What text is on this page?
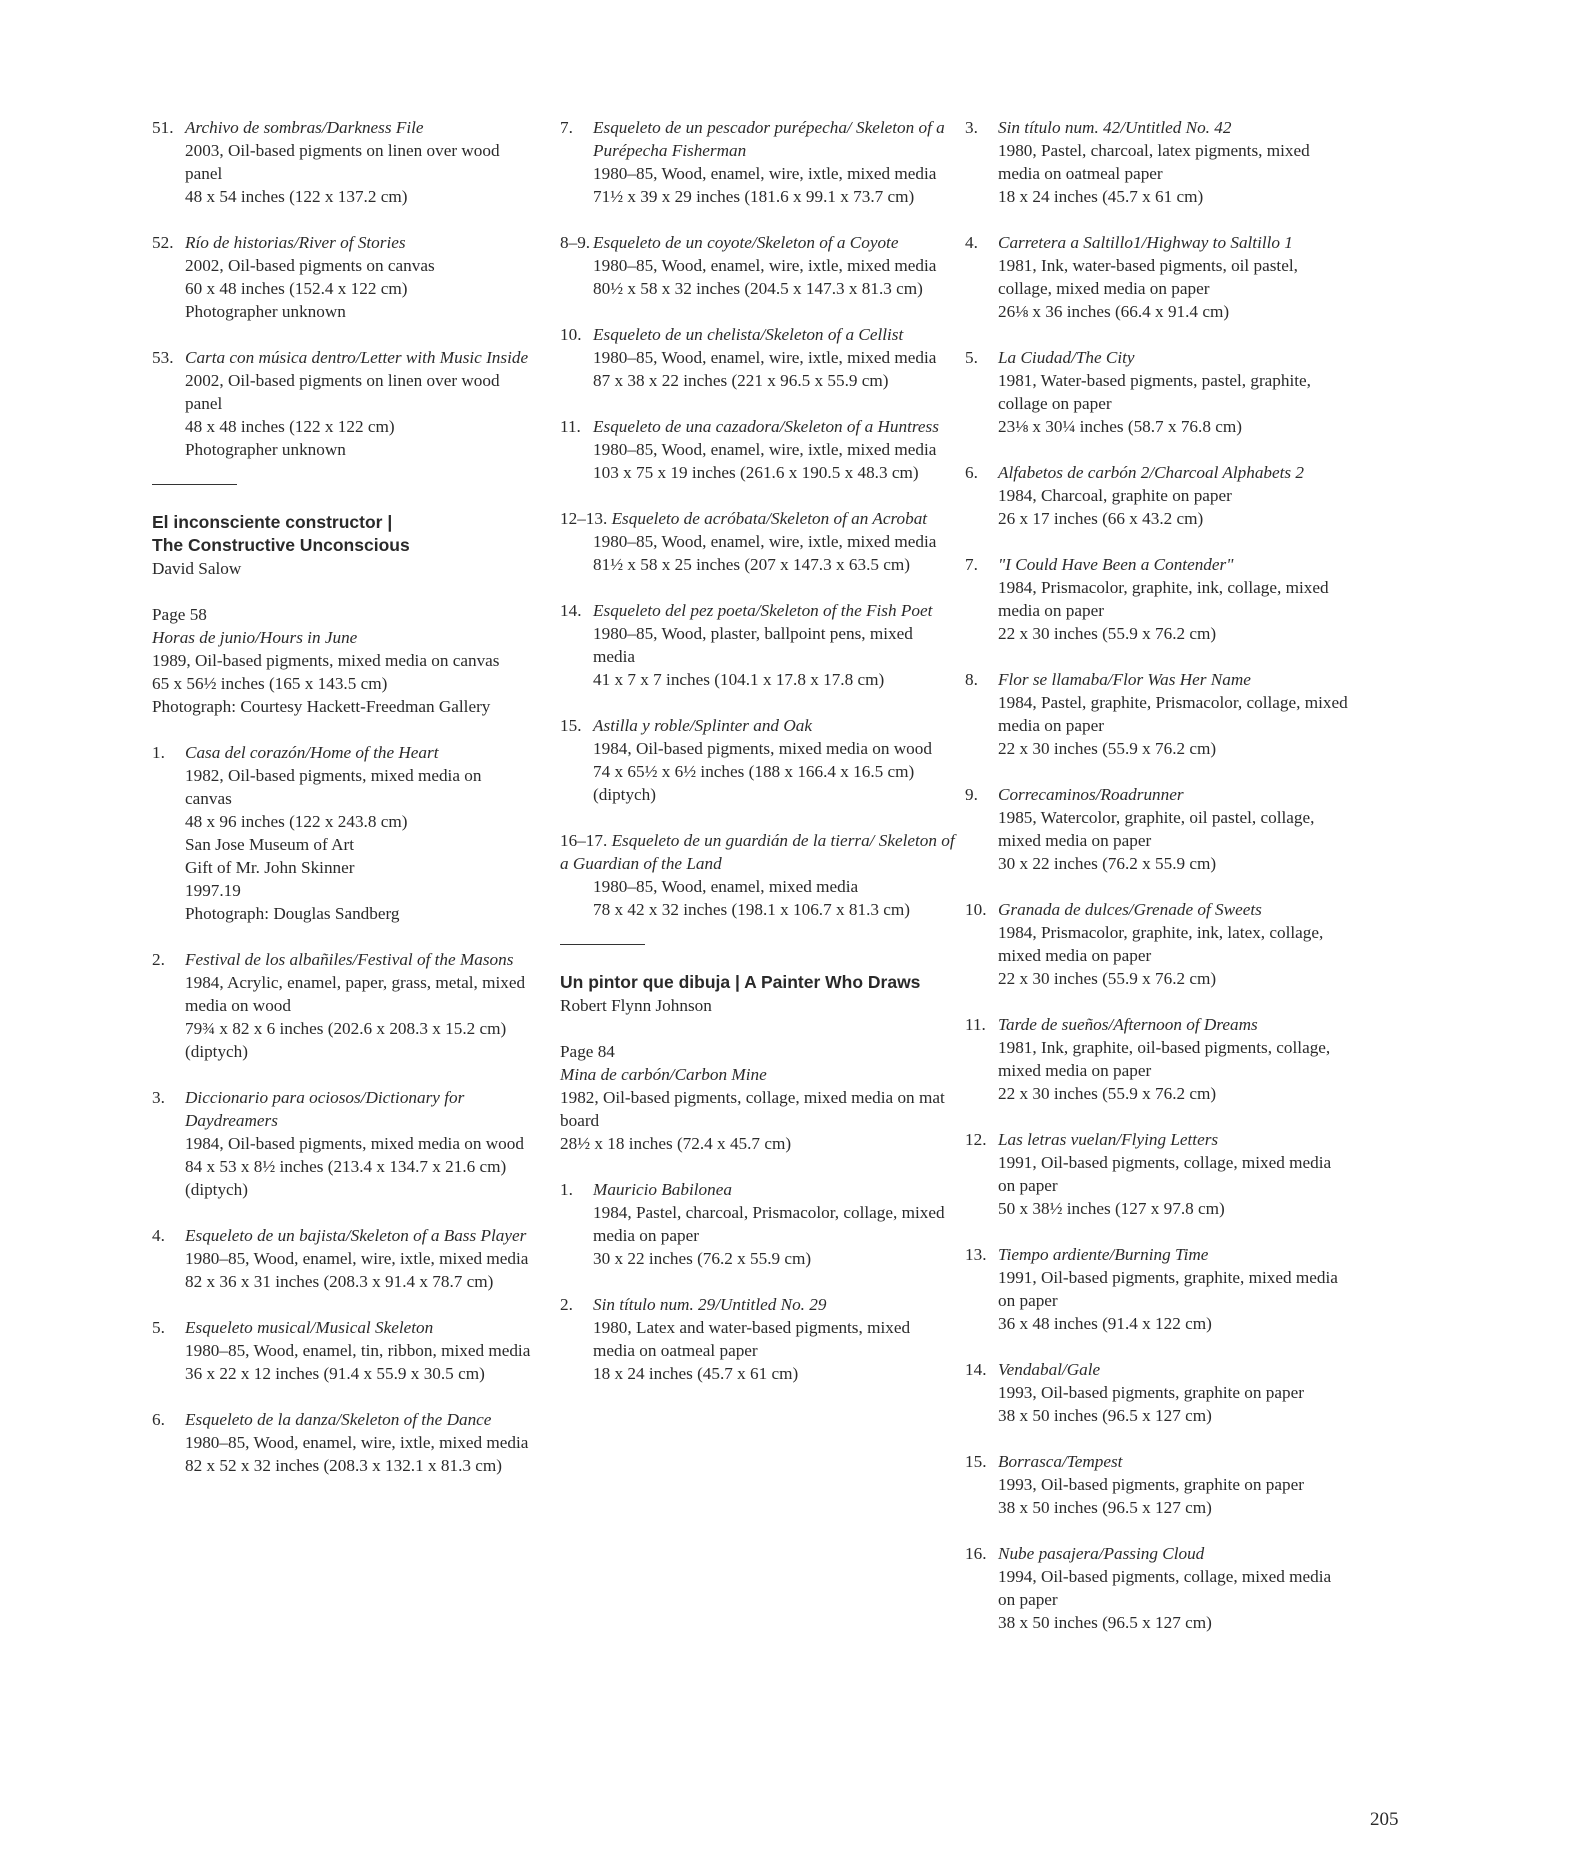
51. Archivo de sombras/Darkness File
2003, Oil-based pigments on linen over wood panel
48 x 54 inches (122 x 137.2 cm)
52. Río de historias/River of Stories
2002, Oil-based pigments on canvas
60 x 48 inches (152.4 x 122 cm)
Photographer unknown
53. Carta con música dentro/Letter with Music Inside
2002, Oil-based pigments on linen over wood panel
48 x 48 inches (122 x 122 cm)
Photographer unknown
El inconsciente constructor |
The Constructive Unconscious
David Salow
Page 58
Horas de junio/Hours in June
1989, Oil-based pigments, mixed media on canvas
65 x 56½ inches (165 x 143.5 cm)
Photograph: Courtesy Hackett-Freedman Gallery
1. Casa del corazón/Home of the Heart
1982, Oil-based pigments, mixed media on canvas
48 x 96 inches (122 x 243.8 cm)
San Jose Museum of Art
Gift of Mr. John Skinner
1997.19
Photograph: Douglas Sandberg
2. Festival de los albañiles/Festival of the Masons
1984, Acrylic, enamel, paper, grass, metal, mixed media on wood
79¾ x 82 x 6 inches (202.6 x 208.3 x 15.2 cm) (diptych)
3. Diccionario para ociosos/Dictionary for Daydreamers
1984, Oil-based pigments, mixed media on wood
84 x 53 x 8½ inches (213.4 x 134.7 x 21.6 cm) (diptych)
4. Esqueleto de un bajista/Skeleton of a Bass Player
1980–85, Wood, enamel, wire, ixtle, mixed media
82 x 36 x 31 inches (208.3 x 91.4 x 78.7 cm)
5. Esqueleto musical/Musical Skeleton
1980–85, Wood, enamel, tin, ribbon, mixed media
36 x 22 x 12 inches (91.4 x 55.9 x 30.5 cm)
6. Esqueleto de la danza/Skeleton of the Dance
1980–85, Wood, enamel, wire, ixtle, mixed media
82 x 52 x 32 inches (208.3 x 132.1 x 81.3 cm)
7. Esqueleto de un pescador purépecha/ Skeleton of a Purépecha Fisherman
1980–85, Wood, enamel, wire, ixtle, mixed media
71½ x 39 x 29 inches (181.6 x 99.1 x 73.7 cm)
8–9. Esqueleto de un coyote/Skeleton of a Coyote
1980–85, Wood, enamel, wire, ixtle, mixed media
80½ x 58 x 32 inches (204.5 x 147.3 x 81.3 cm)
10. Esqueleto de un chelista/Skeleton of a Cellist
1980–85, Wood, enamel, wire, ixtle, mixed media
87 x 38 x 22 inches (221 x 96.5 x 55.9 cm)
11. Esqueleto de una cazadora/Skeleton of a Huntress
1980–85, Wood, enamel, wire, ixtle, mixed media
103 x 75 x 19 inches (261.6 x 190.5 x 48.3 cm)
12–13. Esqueleto de acróbata/Skeleton of an Acrobat
1980–85, Wood, enamel, wire, ixtle, mixed media
81½ x 58 x 25 inches (207 x 147.3 x 63.5 cm)
14. Esqueleto del pez poeta/Skeleton of the Fish Poet
1980–85, Wood, plaster, ballpoint pens, mixed media
41 x 7 x 7 inches (104.1 x 17.8 x 17.8 cm)
15. Astilla y roble/Splinter and Oak
1984, Oil-based pigments, mixed media on wood
74 x 65½ x 6½ inches (188 x 166.4 x 16.5 cm) (diptych)
16–17. Esqueleto de un guardián de la tierra/ Skeleton of a Guardian of the Land
1980–85, Wood, enamel, mixed media
78 x 42 x 32 inches (198.1 x 106.7 x 81.3 cm)
Un pintor que dibuja | A Painter Who Draws
Robert Flynn Johnson
Page 84
Mina de carbón/Carbon Mine
1982, Oil-based pigments, collage, mixed media on mat board
28½ x 18 inches (72.4 x 45.7 cm)
1. Mauricio Babilonea
1984, Pastel, charcoal, Prismacolor, collage, mixed media on paper
30 x 22 inches (76.2 x 55.9 cm)
2. Sin título num. 29/Untitled No. 29
1980, Latex and water-based pigments, mixed media on oatmeal paper
18 x 24 inches (45.7 x 61 cm)
3. Sin título num. 42/Untitled No. 42
1980, Pastel, charcoal, latex pigments, mixed media on oatmeal paper
18 x 24 inches (45.7 x 61 cm)
4. Carretera a Saltillo1/Highway to Saltillo 1
1981, Ink, water-based pigments, oil pastel, collage, mixed media on paper
26⅛ x 36 inches (66.4 x 91.4 cm)
5. La Ciudad/The City
1981, Water-based pigments, pastel, graphite, collage on paper
23⅛ x 30¼ inches (58.7 x 76.8 cm)
6. Alfabetos de carbón 2/Charcoal Alphabets 2
1984, Charcoal, graphite on paper
26 x 17 inches (66 x 43.2 cm)
7. "I Could Have Been a Contender"
1984, Prismacolor, graphite, ink, collage, mixed media on paper
22 x 30 inches (55.9 x 76.2 cm)
8. Flor se llamaba/Flor Was Her Name
1984, Pastel, graphite, Prismacolor, collage, mixed media on paper
22 x 30 inches (55.9 x 76.2 cm)
9. Correcaminos/Roadrunner
1985, Watercolor, graphite, oil pastel, collage, mixed media on paper
30 x 22 inches (76.2 x 55.9 cm)
10. Granada de dulces/Grenade of Sweets
1984, Prismacolor, graphite, ink, latex, collage, mixed media on paper
22 x 30 inches (55.9 x 76.2 cm)
11. Tarde de sueños/Afternoon of Dreams
1981, Ink, graphite, oil-based pigments, collage, mixed media on paper
22 x 30 inches (55.9 x 76.2 cm)
12. Las letras vuelan/Flying Letters
1991, Oil-based pigments, collage, mixed media on paper
50 x 38½ inches (127 x 97.8 cm)
13. Tiempo ardiente/Burning Time
1991, Oil-based pigments, graphite, mixed media on paper
36 x 48 inches (91.4 x 122 cm)
14. Vendabal/Gale
1993, Oil-based pigments, graphite on paper
38 x 50 inches (96.5 x 127 cm)
15. Borrasca/Tempest
1993, Oil-based pigments, graphite on paper
38 x 50 inches (96.5 x 127 cm)
16. Nube pasajera/Passing Cloud
1994, Oil-based pigments, collage, mixed media on paper
38 x 50 inches (96.5 x 127 cm)
205
